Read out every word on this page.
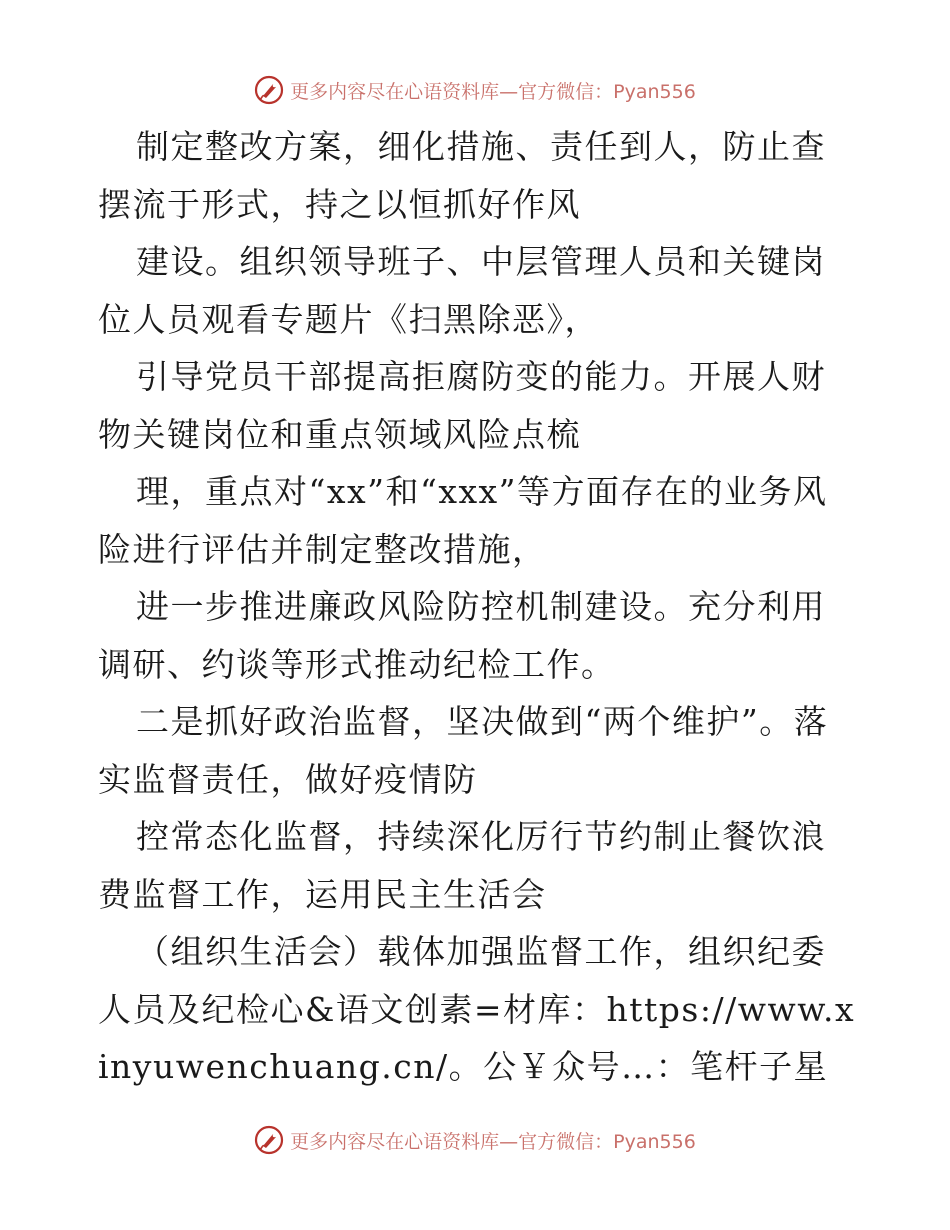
更多内容尽在心语资料库—官方微信：Pyan556

制定整改方案，细化措施、责任到人，防止查摆流于形式，持之以恒抓好作风

建设。组织领导班子、中层管理人员和关键岗位人员观看专题片《扫黑除恶》，

引导党员干部提高拒腐防变的能力。开展人财物关键岗位和重点领域风险点梳

理，重点对“xx”和“xxx”等方面存在的业务风险进行评估并制定整改措施，

进一步推进廉政风险防控机制建设。充分利用调研、约谈等形式推动纪检工作。

二是抓好政治监督，坚决做到“两个维护”。落实监督责任，做好疫情防

控常态化监督，持续深化厉行节约制止餐饮浪费监督工作，运用民主生活会

（组织生活会）载体加强监督工作，组织纪委人员及纪检心&语文创素=材库：https://www.xinyuwenchuang.cn/。公￥众号…：笔杆子星

更多内容尽在心语资料库—官方微信：Pyan556
